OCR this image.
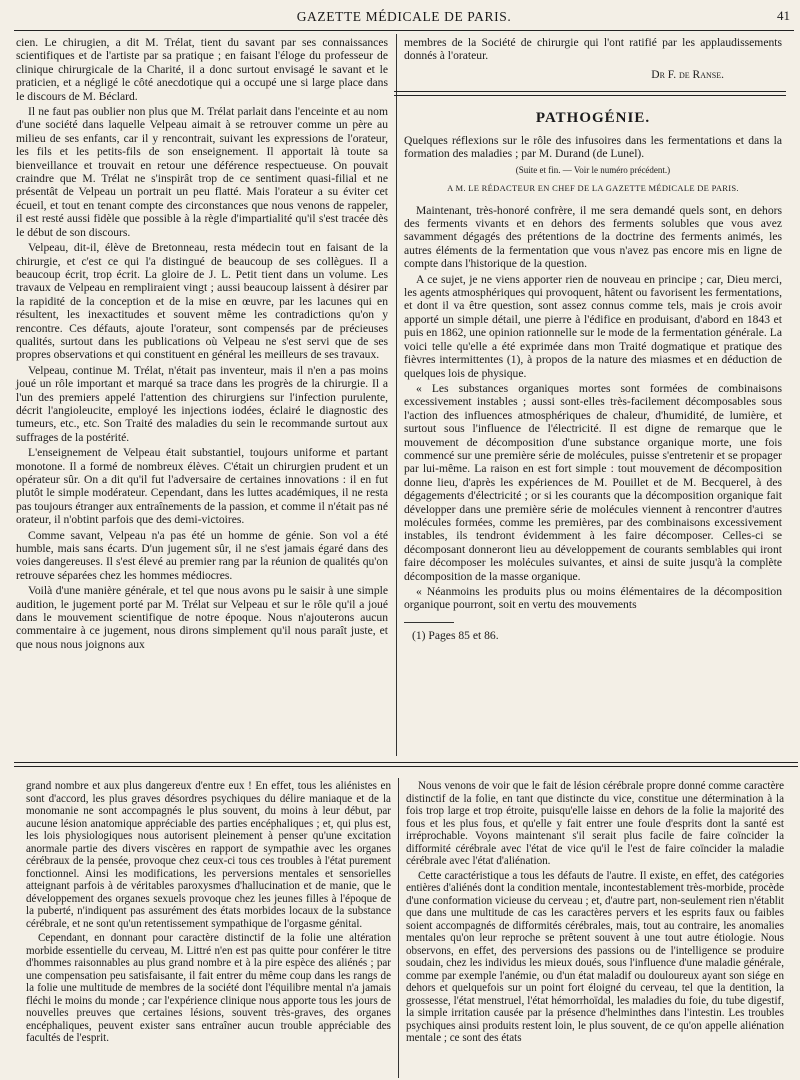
GAZETTE MÉDICALE DE PARIS.	41

cien. Le chirugien, a dit M. Trélat, tient du savant par ses connaissances scientifiques et de l'artiste par sa pratique ; en faisant l'éloge du professeur de clinique chirurgicale de la Charité, il a donc surtout envisagé le savant et le praticien, et a négligé le côté anecdotique qui a occupé une si large place dans le discours de M. Béclard.

Il ne faut pas oublier non plus que M. Trélat parlait dans l'enceinte et au nom d'une société dans laquelle Velpeau aimait à se retrouver comme un père au milieu de ses enfants, car il y rencontrait, suivant les expressions de l'orateur, les fils et les petits-fils de son enseignement. Il apportait là toute sa bienveillance et trouvait en retour une déférence respectueuse. On pouvait craindre que M. Trélat ne s'inspirât trop de ce sentiment quasi-filial et ne présentât de Velpeau un portrait un peu flatté. Mais l'orateur a su éviter cet écueil, et tout en tenant compte des circonstances que nous venons de rappeler, il est resté aussi fidèle que possible à la règle d'impartialité qu'il s'est tracée dès le début de son discours.

Velpeau, dit-il, élève de Bretonneau, resta médecin tout en faisant de la chirurgie, et c'est ce qui l'a distingué de beaucoup de ses collègues. Il a beaucoup écrit, trop écrit. La gloire de J. L. Petit tient dans un volume. Les travaux de Velpeau en rempliraient vingt ; aussi beaucoup laissent à désirer par la rapidité de la conception et de la mise en œuvre, par les lacunes qui en résultent, les inexactitudes et souvent même les contradictions qu'on y rencontre. Ces défauts, ajoute l'orateur, sont compensés par de précieuses qualités, surtout dans les publications où Velpeau ne s'est servi que de ses propres observations et qui constituent en général les meilleurs de ses travaux.

Velpeau, continue M. Trélat, n'était pas inventeur, mais il n'en a pas moins joué un rôle important et marqué sa trace dans les progrès de la chirurgie. Il a l'un des premiers appelé l'attention des chirurgiens sur l'infection purulente, décrit l'angioleucite, employé les injections iodées, éclairé le diagnostic des tumeurs, etc., etc. Son Traité des maladies du sein le recommande surtout aux suffrages de la postérité.

L'enseignement de Velpeau était substantiel, toujours uniforme et partant monotone. Il a formé de nombreux élèves. C'était un chirurgien prudent et un opérateur sûr. On a dit qu'il fut l'adversaire de certaines innovations : il en fut plutôt le simple modérateur. Cependant, dans les luttes académiques, il ne resta pas toujours étranger aux entraînements de la passion, et comme il n'était pas né orateur, il n'obtint parfois que des demi-victoires.

Comme savant, Velpeau n'a pas été un homme de génie. Son vol a été humble, mais sans écarts. D'un jugement sûr, il ne s'est jamais égaré dans des voies dangereuses. Il s'est élevé au premier rang par la réunion de qualités qu'on retrouve séparées chez les hommes médiocres.

Voilà d'une manière générale, et tel que nous avons pu le saisir à une simple audition, le jugement porté par M. Trélat sur Velpeau et sur le rôle qu'il a joué dans le mouvement scientifique de notre époque. Nous n'ajouterons aucun commentaire à ce jugement, nous dirons simplement qu'il nous paraît juste, et que nous nous joignons aux

membres de la Société de chirurgie qui l'ont ratifié par les applaudissements donnés à l'orateur.

Dr F. de Ranse.
PATHOGÉNIE.

Quelques réflexions sur le rôle des infusoires dans les fermentations et dans la formation des maladies ; par M. Durand (de Lunel).

(Suite et fin. — Voir le numéro précédent.)
A M. LE RÉDACTEUR EN CHEF DE LA GAZETTE MÉDICALE DE PARIS.

Maintenant, très-honoré confrère, il me sera demandé quels sont, en dehors des ferments vivants et en dehors des ferments solubles que vous avez savamment dégagés des prétentions de la doctrine des ferments animés, les autres éléments de la fermentation que vous n'avez pas encore mis en ligne de compte dans l'historique de la question.

A ce sujet, je ne viens apporter rien de nouveau en principe ; car, Dieu merci, les agents atmosphériques qui provoquent, hâtent ou favorisent les fermentations, et dont il va être question, sont assez connus comme tels, mais je crois avoir apporté un simple détail, une pierre à l'édifice en produisant, d'abord en 1843 et puis en 1862, une opinion rationnelle sur le mode de la fermentation générale. La voici telle qu'elle a été exprimée dans mon Traité dogmatique et pratique des fièvres intermittentes (1), à propos de la nature des miasmes et en déduction de quelques lois de physique.

« Les substances organiques mortes sont formées de combinaisons excessivement instables ; aussi sont-elles très-facilement décomposables sous l'action des influences atmosphériques de chaleur, d'humidité, de lumière, et surtout sous l'influence de l'électricité. Il est digne de remarque que le mouvement de décomposition d'une substance organique morte, une fois commencé sur une première série de molécules, puisse s'entretenir et se propager par lui-même. La raison en est fort simple : tout mouvement de décomposition donne lieu, d'après les expériences de M. Pouillet et de M. Becquerel, à des dégagements d'électricité ; or si les courants que la décomposition organique fait développer dans une première série de molécules viennent à rencontrer d'autres molécules formées, comme les premières, par des combinaisons excessivement instables, ils tendront évidemment à les faire décomposer. Celles-ci se décomposant donneront lieu au développement de courants semblables qui iront faire décomposer les molécules suivantes, et ainsi de suite jusqu'à la complète décomposition de la masse organique.

« Néanmoins les produits plus ou moins élémentaires de la décomposition organique pourront, soit en vertu des mouvements

(1) Pages 85 et 86.

grand nombre et aux plus dangereux d'entre eux ! En effet, tous les aliénistes en sont d'accord, les plus graves désordres psychiques du délire maniaque et de la monomanie ne sont accompagnés le plus souvent, du moins à leur début, par aucune lésion anatomique appréciable des parties encéphaliques ; et, qui plus est, les lois physiologiques nous autorisent pleinement à penser qu'une excitation anormale partie des divers viscères en rapport de sympathie avec les organes cérébraux de la pensée, provoque chez ceux-ci tous ces troubles à l'état purement fonctionnel. Ainsi les modifications, les perversions mentales et sensorielles atteignant parfois à de véritables paroxysmes d'hallucination et de manie, que le développement des organes sexuels provoque chez les jeunes filles à l'époque de la puberté, n'indiquent pas assurément des états morbides locaux de la substance cérébrale, et ne sont qu'un retentissement sympathique de l'orgasme génital.

Cependant, en donnant pour caractère distinctif de la folie une altération morbide essentielle du cerveau, M. Littré n'en est pas quitte pour conférer le titre d'hommes raisonnables au plus grand nombre et à la pire espèce des aliénés ; par une compensation peu satisfaisante, il fait entrer du même coup dans les rangs de la folie une multitude de membres de la société dont l'équilibre mental n'a jamais fléchi le moins du monde ; car l'expérience clinique nous apporte tous les jours de nouvelles preuves que certaines lésions, souvent très-graves, des organes encéphaliques, peuvent exister sans entraîner aucun trouble appréciable des facultés de l'esprit.

Nous venons de voir que le fait de lésion cérébrale propre donné comme caractère distinctif de la folie, en tant que distincte du vice, constitue une détermination à la fois trop large et trop étroite, puisqu'elle laisse en dehors de la folie la majorité des fous et les plus fous, et qu'elle y fait entrer une foule d'esprits dont la santé est irréprochable. Voyons maintenant s'il serait plus facile de faire coïncider la difformité cérébrale avec l'état de vice qu'il le l'est de faire coïncider la maladie cérébrale avec l'état d'aliénation.

Cette caractéristique a tous les défauts de l'autre. Il existe, en effet, des catégories entières d'aliénés dont la condition mentale, incontestablement très-morbide, procède d'une conformation vicieuse du cerveau ; et, d'autre part, non-seulement rien n'établit que dans une multitude de cas les caractères pervers et les esprits faux ou faibles soient accompagnés de difformités cérébrales, mais, tout au contraire, les anomalies mentales qu'on leur reproche se prêtent souvent à une tout autre étiologie. Nous observons, en effet, des perversions des passions ou de l'intelligence se produire soudain, chez les individus les mieux doués, sous l'influence d'une maladie générale, comme par exemple l'anémie, ou d'un état maladif ou douloureux ayant son siége en dehors et quelquefois sur un point fort éloigné du cerveau, tel que la dentition, la grossesse, l'état menstruel, l'état hémorrhoïdal, les maladies du foie, du tube digestif, la simple irritation causée par la présence d'helminthes dans l'intestin. Les troubles psychiques ainsi produits restent loin, le plus souvent, de ce qu'on appelle aliénation mentale ; ce sont des états
